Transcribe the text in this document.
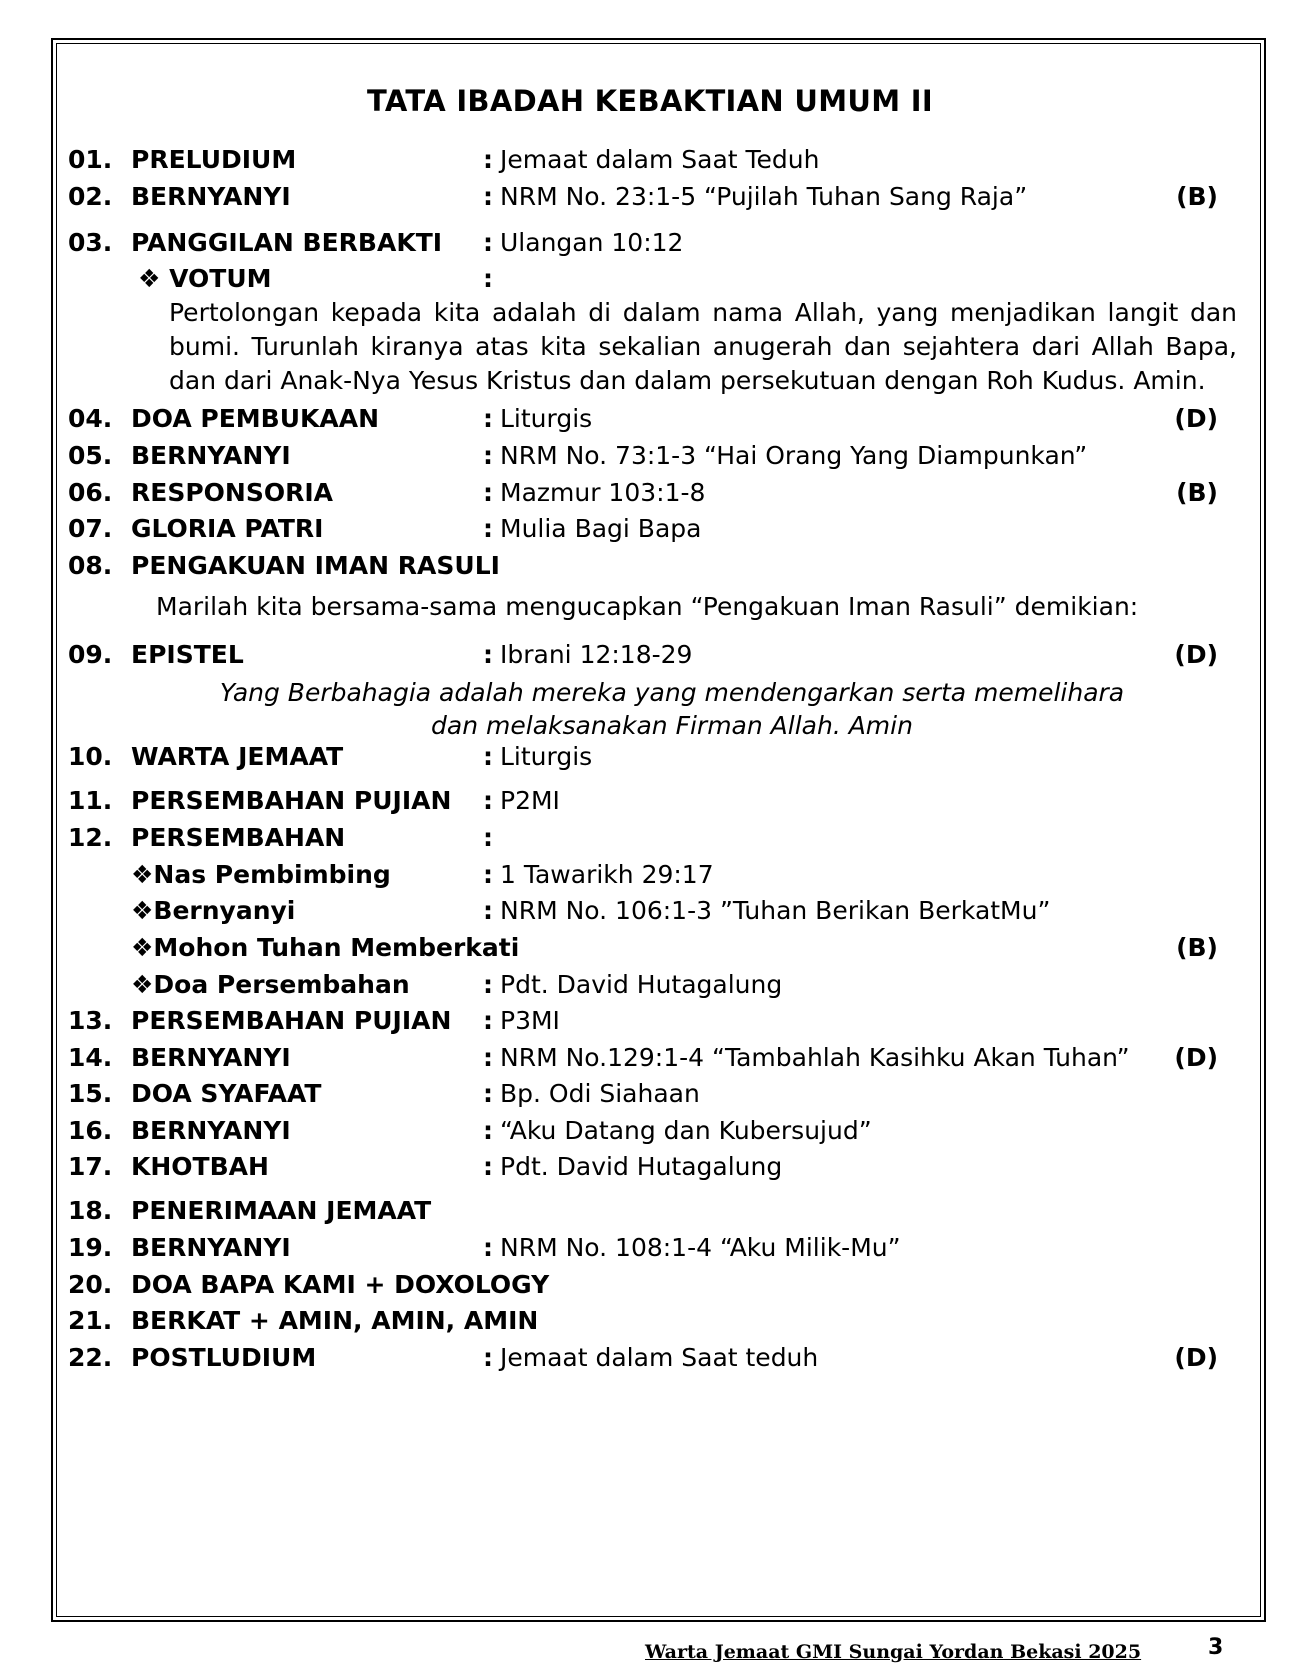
TATA IBADAH KEBAKTIAN UMUM II
01. PRELUDIUM	: Jemaat dalam Saat Teduh
02. BERNYANYI	: NRM No. 23:1-5 “Pujilah Tuhan Sang Raja”	(B)
03. PANGGILAN BERBAKTI : Ulangan 10:12
❖ VOTUM	:
04. DOA PEMBUKAAN	: Liturgis	(D)
05. BERNYANYI	: NRM No. 73:1-3 “Hai Orang Yang Diampunkan”
06. RESPONSORIA	: Mazmur 103:1-8	(B)
07. GLORIA PATRI	: Mulia Bagi Bapa
08. PENGAKUAN IMAN RASULI
09. EPISTEL	: Ibrani 12:18-29	(D)
10. WARTA JEMAAT	: Liturgis
11. PERSEMBAHAN PUJIAN : P2MI
12. PERSEMBAHAN	:
❖Nas Pembimbing	: 1 Tawarikh 29:17
❖Bernyanyi	: NRM No. 106:1-3 ”Tuhan Berikan BerkatMu”
❖Mohon Tuhan Memberkati	(B)
❖Doa Persembahan	: Pdt. David Hutagalung
13. PERSEMBAHAN PUJIAN : P3MI
14. BERNYANYI	: NRM No.129:1-4 “Tambahlah Kasihku Akan Tuhan” (D)
15. DOA SYAFAAT	: Bp. Odi Siahaan
16. BERNYANYI	: “Aku Datang dan Kubersujud”
17. KHOTBAH	: Pdt. David Hutagalung
18. PENERIMAAN JEMAAT
19. BERNYANYI	: NRM No. 108:1-4 “Aku Milik-Mu”
20. DOA BAPA KAMI + DOXOLOGY
21. BERKAT + AMIN, AMIN, AMIN
22. POSTLUDIUM	: Jemaat dalam Saat teduh	(D)
Pertolongan kepada kita adalah di dalam nama Allah, yang menjadikan langit dan bumi. Turunlah kiranya atas kita sekalian anugerah dan sejahtera dari Allah Bapa, dan dari Anak-Nya Yesus Kristus dan dalam persekutuan dengan Roh Kudus. Amin.
Marilah kita bersama-sama mengucapkan “Pengakuan Iman Rasuli” demikian:
Yang Berbahagia adalah mereka yang mendengarkan serta memelihara
dan melaksanakan Firman Allah. Amin
Warta Jemaat GMI Sungai Yordan Bekasi 2025	3
